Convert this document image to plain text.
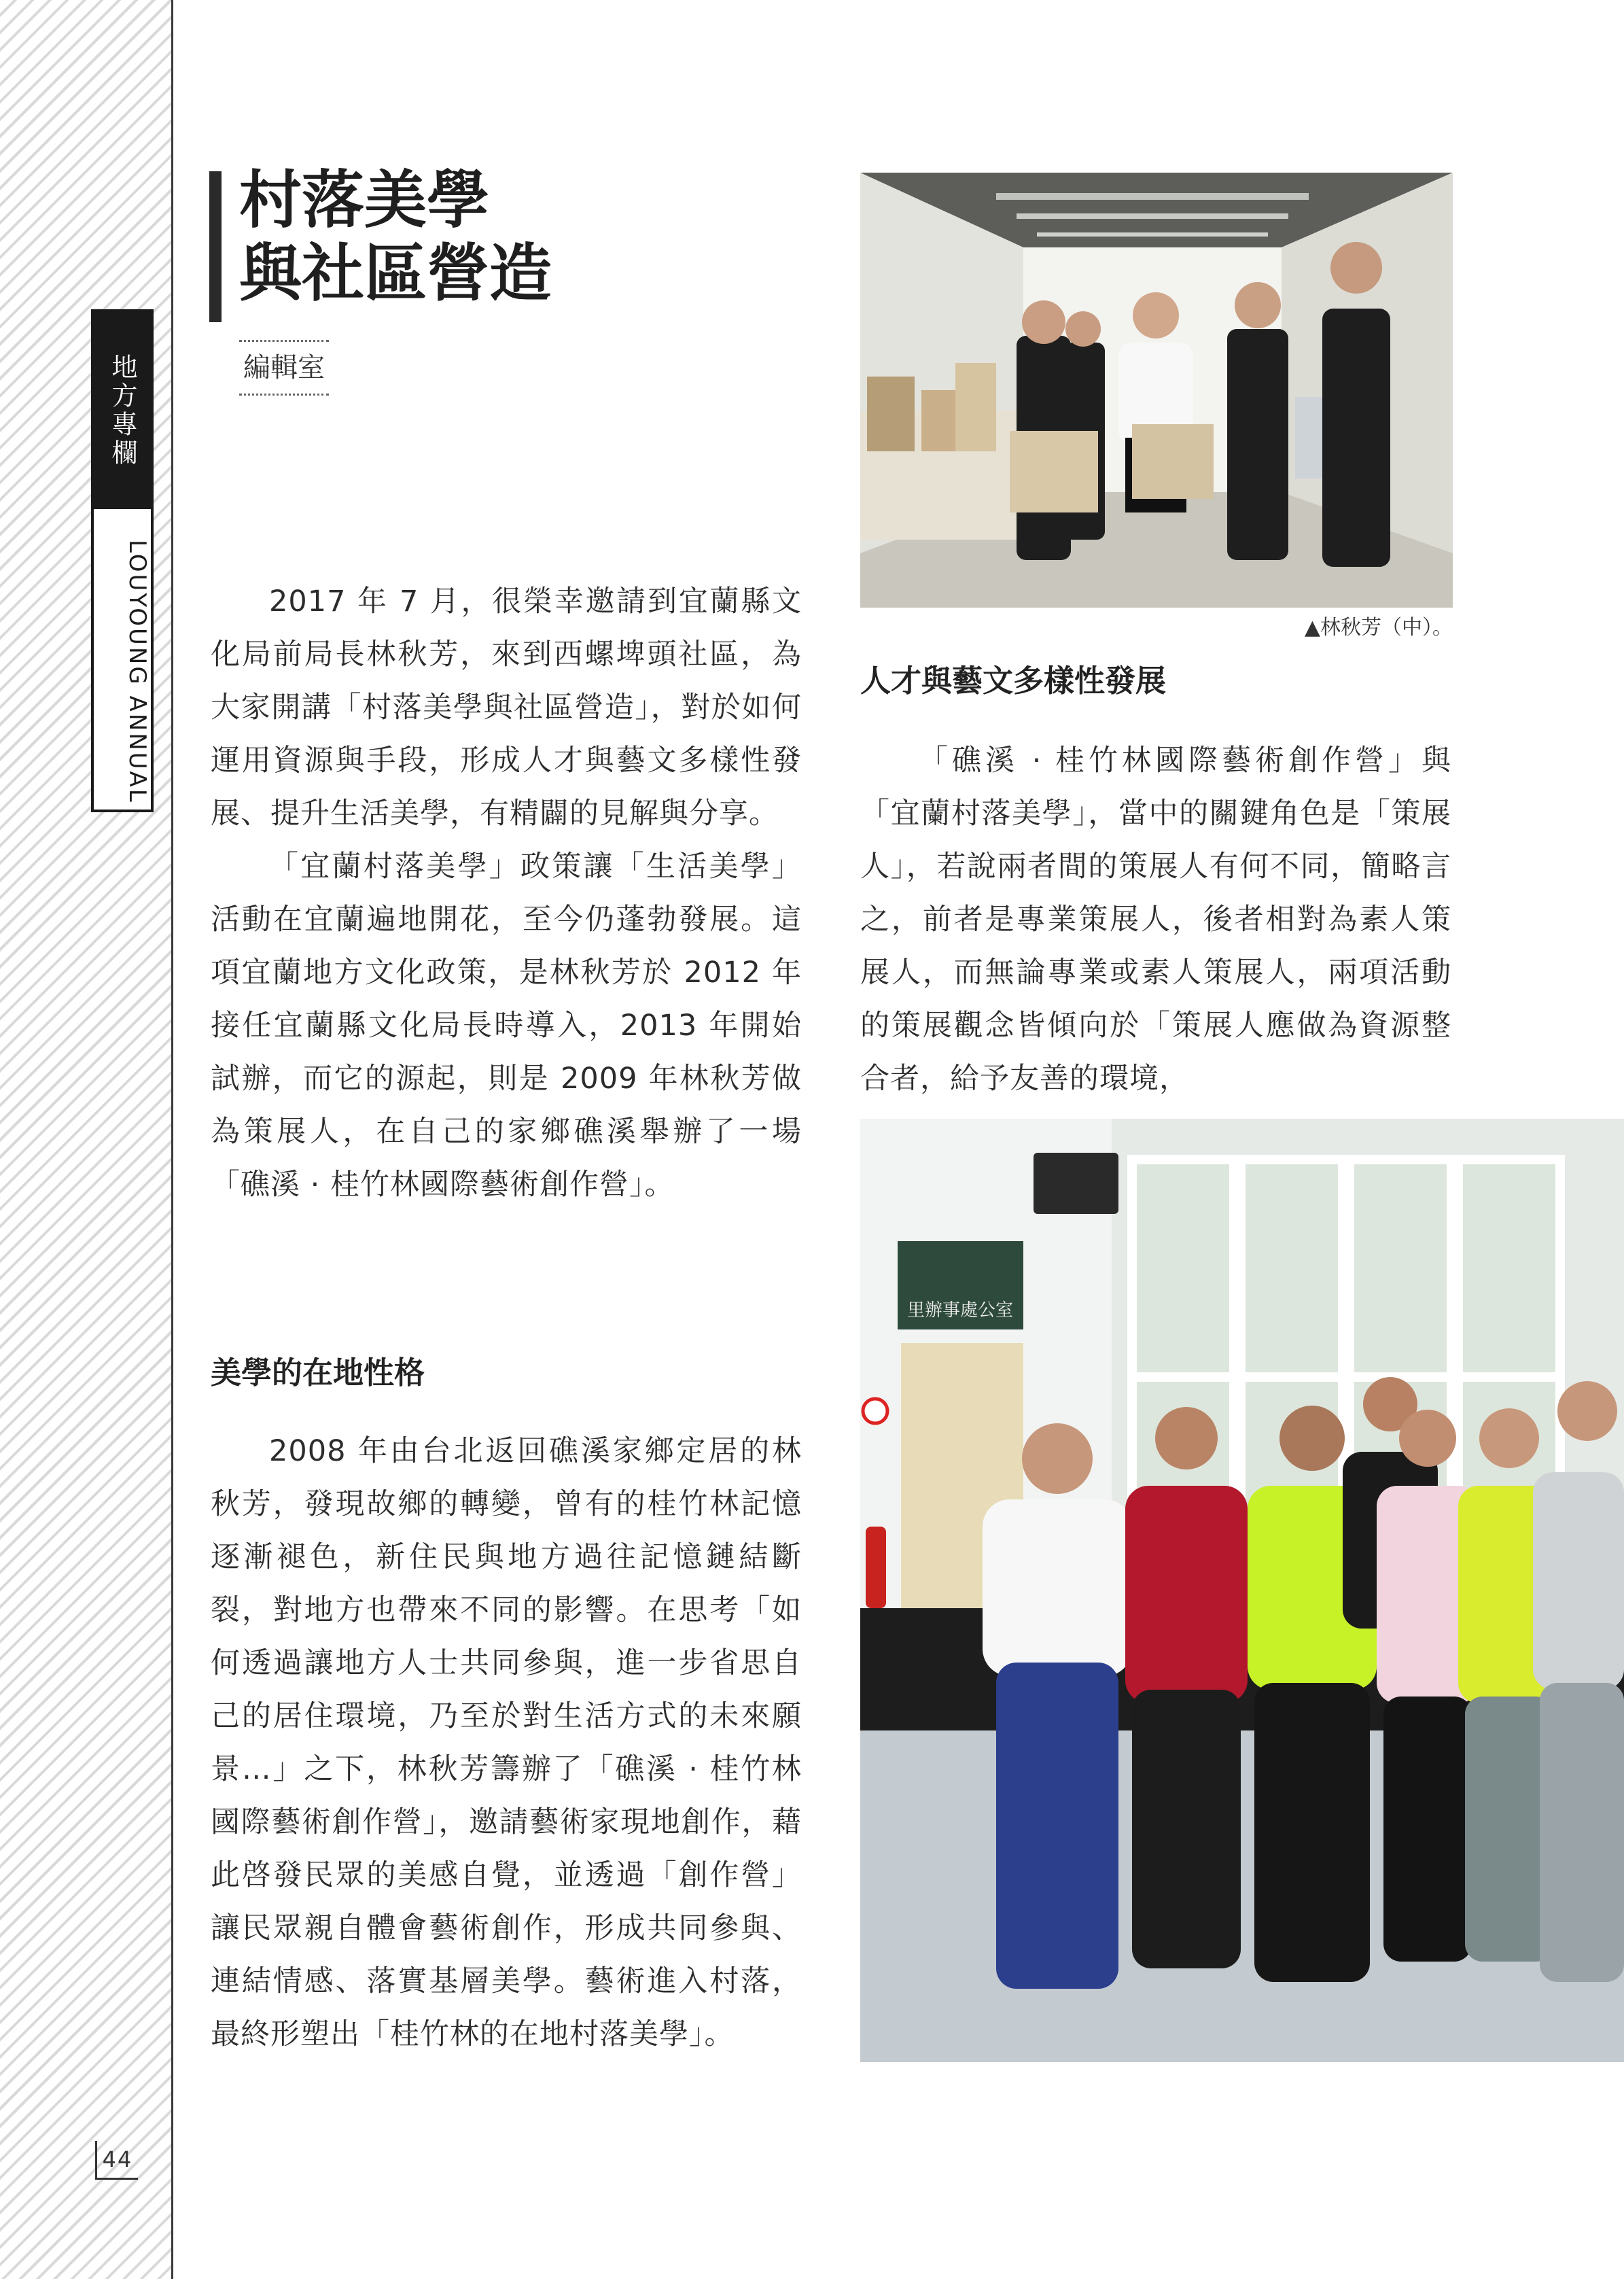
地方專欄
LOUYOUNG ANNUAL
44
村落美學
與社區營造
編輯室

2017 年 7 月，很榮幸邀請到宜蘭縣文化局前局長林秋芳，來到西螺埤頭社區，為大家開講「村落美學與社區營造」，對於如何運用資源與手段，形成人才與藝文多樣性發展、提升生活美學，有精闢的見解與分享。

「宜蘭村落美學」政策讓「生活美學」活動在宜蘭遍地開花，至今仍蓬勃發展。這項宜蘭地方文化政策，是林秋芳於 2012 年接任宜蘭縣文化局長時導入，2013 年開始試辦，而它的源起，則是 2009 年林秋芳做為策展人，在自己的家鄉礁溪舉辦了一場「礁溪 · 桂竹林國際藝術創作營」。

美學的在地性格

2008 年由台北返回礁溪家鄉定居的林秋芳，發現故鄉的轉變，曾有的桂竹林記憶逐漸褪色，新住民與地方過往記憶鏈結斷裂，對地方也帶來不同的影響。在思考「如何透過讓地方人士共同參與，進一步省思自己的居住環境，乃至於對生活方式的未來願景…」之下，林秋芳籌辦了「礁溪 · 桂竹林國際藝術創作營」，邀請藝術家現地創作，藉此啓發民眾的美感自覺，並透過「創作營」讓民眾親自體會藝術創作，形成共同參與、連結情感、落實基層美學。藝術進入村落，最終形塑出「桂竹林的在地村落美學」。

▲林秋芳（中）。
人才與藝文多樣性發展

「礁溪 · 桂竹林國際藝術創作營」與「宜蘭村落美學」，當中的關鍵角色是「策展人」，若說兩者間的策展人有何不同，簡略言之，前者是專業策展人，後者相對為素人策展人，而無論專業或素人策展人，兩項活動的策展觀念皆傾向於「策展人應做為資源整合者，給予友善的環境，

里辦事處公室
